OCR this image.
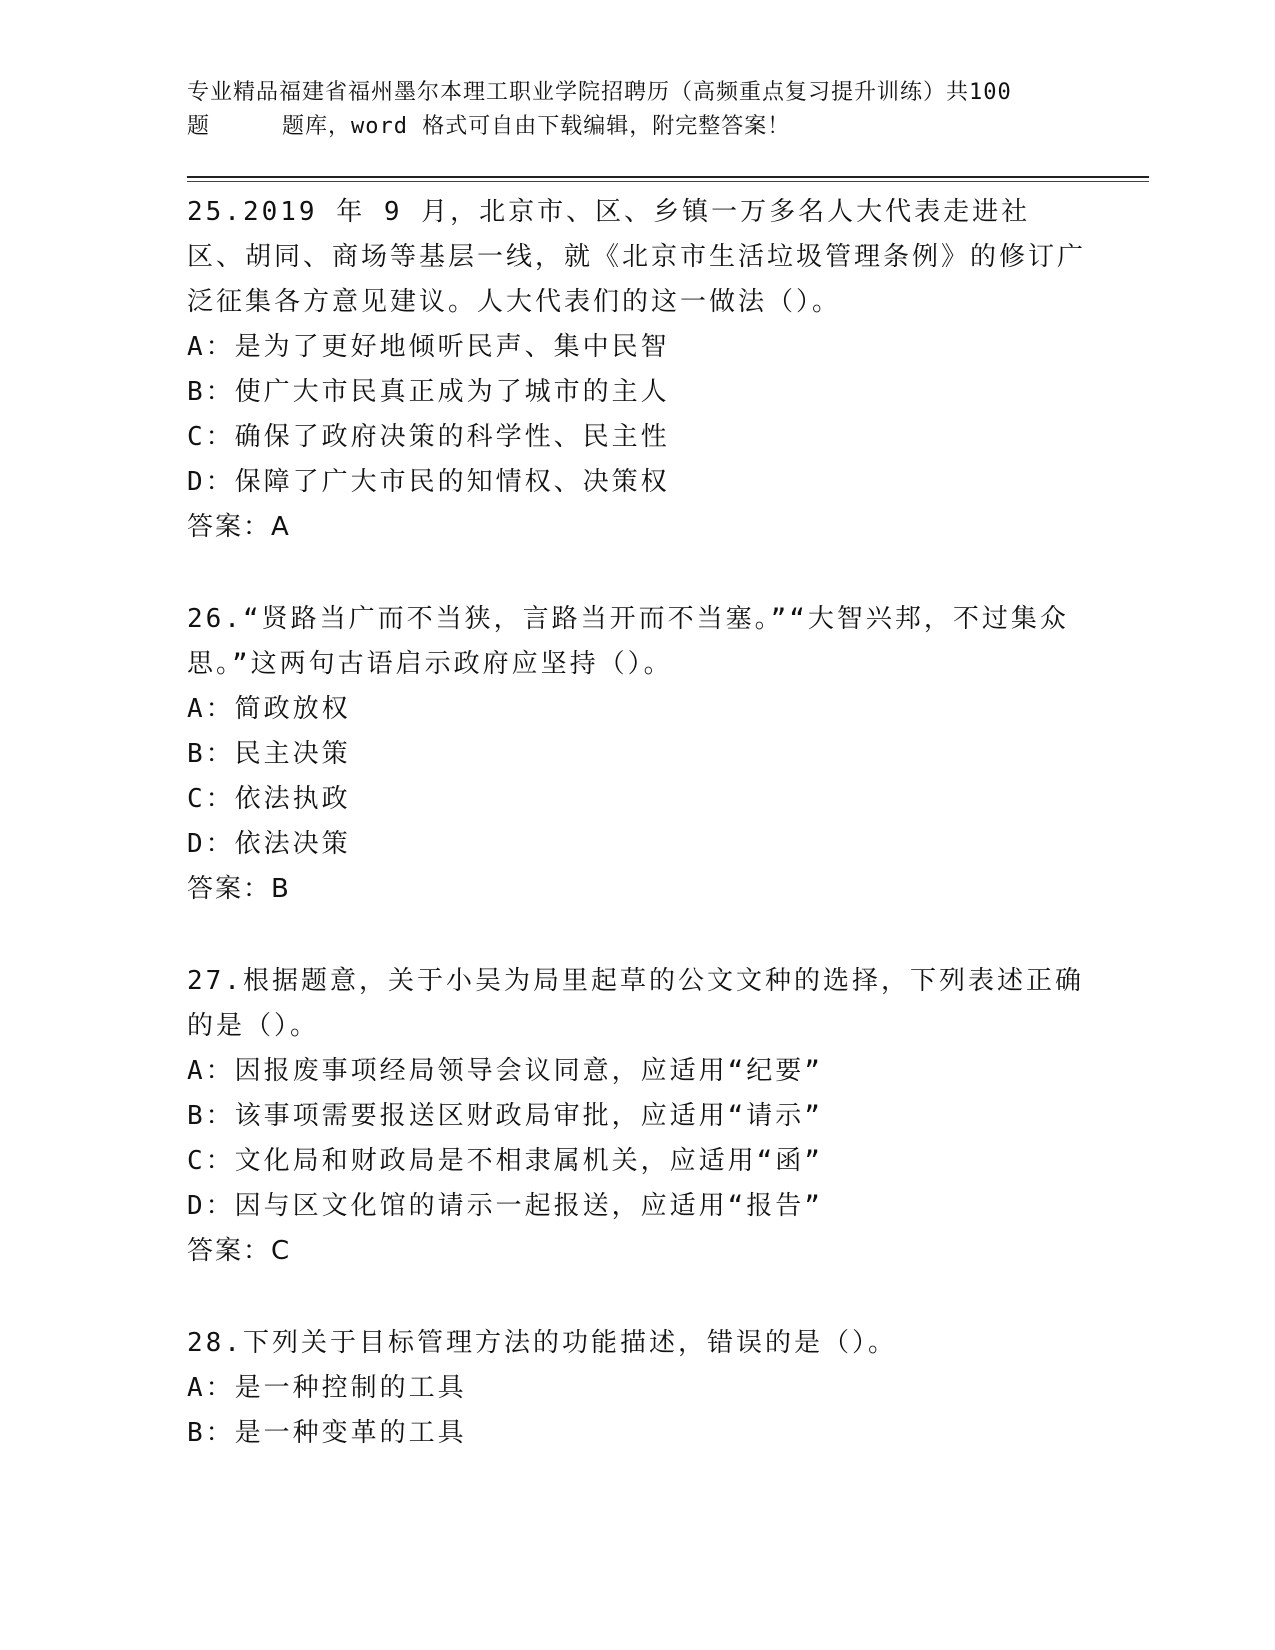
专业精品福建省福州墨尔本理工职业学院招聘历（高频重点复习提升训练）共100
题	题库，word 格式可自由下载编辑，附完整答案！

25.2019 年 9 月，北京市、区、乡镇一万多名人大代表走进社区、胡同、商场等基层一线，就《北京市生活垃圾管理条例》的修订广泛征集各方意见建议。人大代表们的这一做法（）。

A：是为了更好地倾听民声、集中民智

B：使广大市民真正成为了城市的主人

C：确保了政府决策的科学性、民主性

D：保障了广大市民的知情权、决策权

答案：A

26.“贤路当广而不当狭，言路当开而不当塞。”“大智兴邦，不过集众思。”这两句古语启示政府应坚持（）。

A：简政放权

B：民主决策

C：依法执政

D：依法决策

答案：B

27.根据题意，关于小吴为局里起草的公文文种的选择，下列表述正确的是（）。

A：因报废事项经局领导会议同意，应适用“纪要”

B：该事项需要报送区财政局审批，应适用“请示”

C：文化局和财政局是不相隶属机关，应适用“函”

D：因与区文化馆的请示一起报送，应适用“报告”

答案：C

28.下列关于目标管理方法的功能描述，错误的是（）。

A：是一种控制的工具

B：是一种变革的工具
